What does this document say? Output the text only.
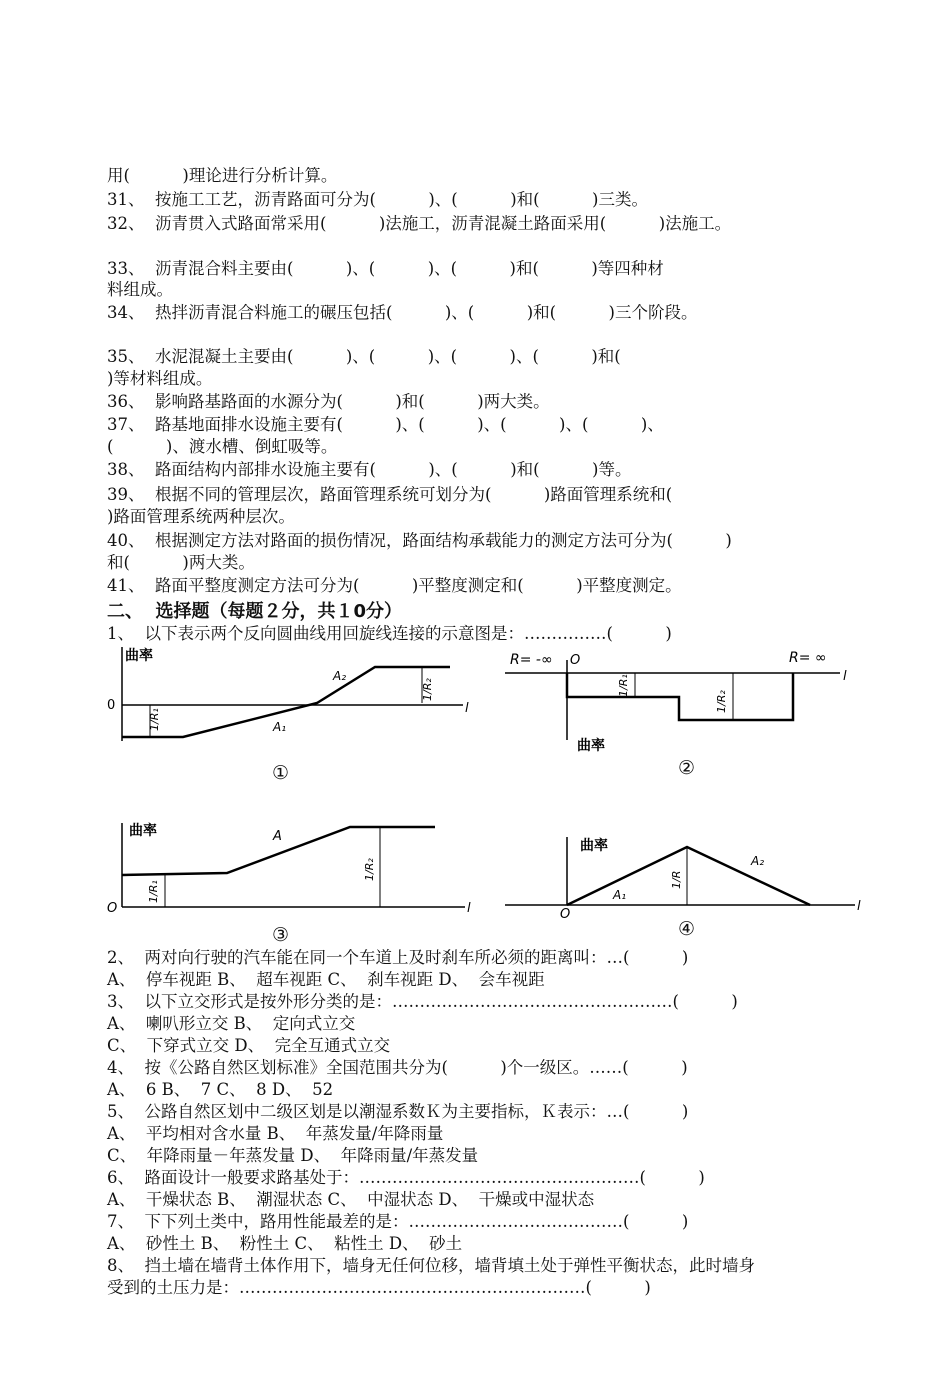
用(          )理论进行分析计算。
31、  按施工工艺，沥青路面可分为(          )、(          )和(          )三类。
32、  沥青贯入式路面常采用(          )法施工，沥青混凝土路面采用(          )法施工。
33、  沥青混合料主要由(          )、(          )、(          )和(          )等四种材
料组成。
34、  热拌沥青混合料施工的碾压包括(          )、(          )和(          )三个阶段。
35、  水泥混凝土主要由(          )、(          )、(          )、(          )和(
)等材料组成。
36、  影响路基路面的水源分为(          )和(          )两大类。
37、  路基地面排水设施主要有(          )、(          )、(          )、(          )、
(          )、渡水槽、倒虹吸等。
38、  路面结构内部排水设施主要有(          )、(          )和(          )等。
39、  根据不同的管理层次，路面管理系统可划分为(          )路面管理系统和(
)路面管理系统两种层次。
40、  根据测定方法对路面的损伤情况，路面结构承载能力的测定方法可分为(          )
和(          )两大类。
41、  路面平整度测定方法可分为(          )平整度测定和(          )平整度测定。
二、  选择题（每题２分，共１0分）
1、  以下表示两个反向圆曲线用回旋线连接的示意图是：……………(          )
曲率
0	l
A₂
A₁
1/R₁
1/R₂
①
R= -∞ O	R= ∞
l
曲率
1/R₁
1/R₂
②
曲率
O	l
A
1/R₁
1/R₂
③
曲率
O
l
A₁
A₂
1/R
④
2、  两对向行驶的汽车能在同一个车道上及时刹车所必须的距离叫：…(          )
A、  停车视距 B、  超车视距 C、  刹车视距 D、  会车视距
3、  以下立交形式是按外形分类的是：……………………………………………(          )
A、  喇叭形立交 B、  定向式立交
C、  下穿式立交 D、  完全互通式立交
4、  按《公路自然区划标准》全国范围共分为(          )个一级区。……(          )
A、  6 B、  7 C、  8 D、  52
5、  公路自然区划中二级区划是以潮湿系数Ｋ为主要指标，Ｋ表示：…(          )
A、  平均相对含水量 B、  年蒸发量/年降雨量
C、  年降雨量－年蒸发量 D、  年降雨量/年蒸发量
6、  路面设计一般要求路基处于：……………………………………………(          )
A、  干燥状态 B、  潮湿状态 C、  中湿状态 D、  干燥或中湿状态
7、  下下列土类中，路用性能最差的是：…………………………………(          )
A、  砂性土 B、  粉性土 C、  粘性土 D、  砂土
8、  挡土墙在墙背土体作用下，墙身无任何位移，墙背填土处于弹性平衡状态，此时墙身
受到的土压力是：………………………………………………………(          )
